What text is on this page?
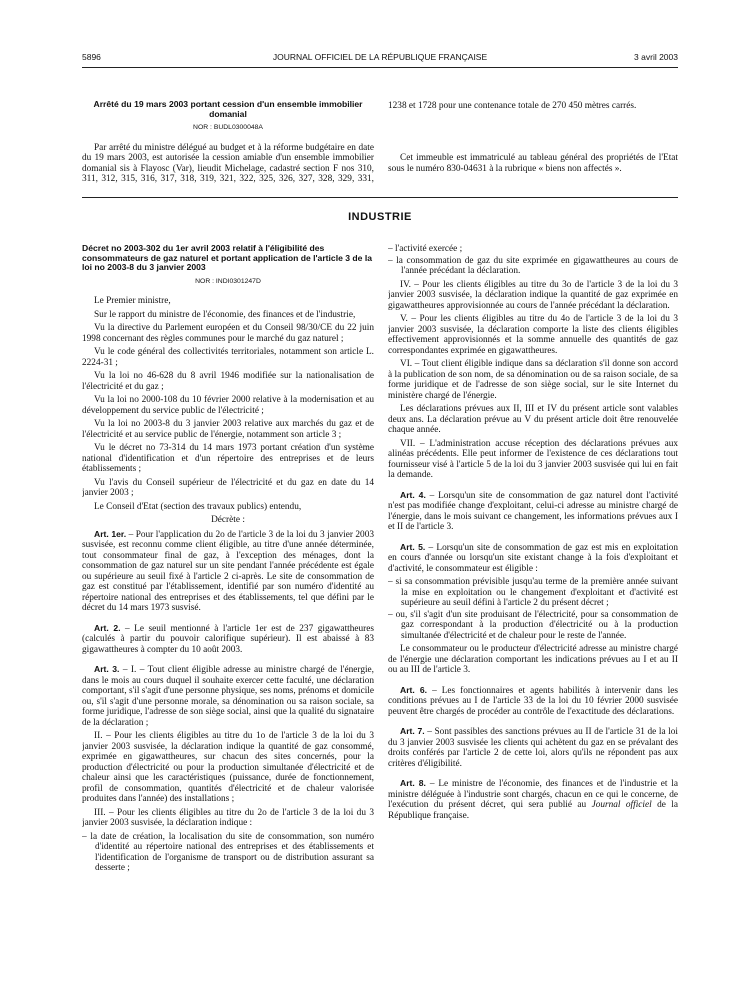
5896	JOURNAL OFFICIEL DE LA RÉPUBLIQUE FRANÇAISE	3 avril 2003
Arrêté du 19 mars 2003 portant cession d'un ensemble immobilier domanial
NOR : BUDL0300048A

Par arrêté du ministre délégué au budget et à la réforme budgétaire en date du 19 mars 2003, est autorisée la cession amiable d'un ensemble immobilier domanial sis à Flayosc (Var), lieudit Michelage, cadastré section F nos 310, 311, 312, 315, 316, 317, 318, 319, 321, 322, 325, 326, 327, 328, 329, 331,

1238 et 1728 pour une contenance totale de 270 450 mètres carrés.

Cet immeuble est immatriculé au tableau général des propriétés de l'Etat sous le numéro 830-04631 à la rubrique « biens non affectés ».

INDUSTRIE
Décret no 2003-302 du 1er avril 2003 relatif à l'éligibilité des consommateurs de gaz naturel et portant application de l'article 3 de la loi no 2003-8 du 3 janvier 2003
NOR : INDI0301247D

Le Premier ministre,

Sur le rapport du ministre de l'économie, des finances et de l'industrie,

Vu la directive du Parlement européen et du Conseil 98/30/CE du 22 juin 1998 concernant des règles communes pour le marché du gaz naturel ;

Vu le code général des collectivités territoriales, notamment son article L. 2224-31 ;

Vu la loi no 46-628 du 8 avril 1946 modifiée sur la nationalisation de l'électricité et du gaz ;

Vu la loi no 2000-108 du 10 février 2000 relative à la modernisation et au développement du service public de l'électricité ;

Vu la loi no 2003-8 du 3 janvier 2003 relative aux marchés du gaz et de l'électricité et au service public de l'énergie, notamment son article 3 ;

Vu le décret no 73-314 du 14 mars 1973 portant création d'un système national d'identification et d'un répertoire des entreprises et de leurs établissements ;

Vu l'avis du Conseil supérieur de l'électricité et du gaz en date du 14 janvier 2003 ;

Le Conseil d'Etat (section des travaux publics) entendu,

Décrète :

Art. 1er. – Pour l'application du 2o de l'article 3 de la loi du 3 janvier 2003 susvisée, est reconnu comme client éligible, au titre d'une année déterminée, tout consommateur final de gaz, à l'exception des ménages, dont la consommation de gaz naturel sur un site pendant l'année précédente est égale ou supérieure au seuil fixé à l'article 2 ci-après. Le site de consommation de gaz est constitué par l'établissement, identifié par son numéro d'identité au répertoire national des entreprises et des établissements, tel que défini par le décret du 14 mars 1973 susvisé.

Art. 2. – Le seuil mentionné à l'article 1er est de 237 gigawattheures (calculés à partir du pouvoir calorifique supérieur). Il est abaissé à 83 gigawattheures à compter du 10 août 2003.

Art. 3. – I. – Tout client éligible adresse au ministre chargé de l'énergie, dans le mois au cours duquel il souhaite exercer cette faculté, une déclaration comportant, s'il s'agit d'une personne physique, ses noms, prénoms et domicile ou, s'il s'agit d'une personne morale, sa dénomination ou sa raison sociale, sa forme juridique, l'adresse de son siège social, ainsi que la qualité du signataire de la déclaration ;

II. – Pour les clients éligibles au titre du 1o de l'article 3 de la loi du 3 janvier 2003 susvisée, la déclaration indique la quantité de gaz consommé, exprimée en gigawattheures, sur chacun des sites concernés, pour la production d'électricité ou pour la production simultanée d'électricité et de chaleur ainsi que les caractéristiques (puissance, durée de fonctionnement, profil de consommation, quantités d'électricité et de chaleur valorisée produites dans l'année) des installations ;

III. – Pour les clients éligibles au titre du 2o de l'article 3 de la loi du 3 janvier 2003 susvisée, la déclaration indique :

– la date de création, la localisation du site de consommation, son numéro d'identité au répertoire national des entreprises et des établissements et l'identification de l'organisme de transport ou de distribution assurant sa desserte ;
– l'activité exercée ;
– la consommation de gaz du site exprimée en gigawattheures au cours de l'année précédant la déclaration.

IV. – Pour les clients éligibles au titre du 3o de l'article 3 de la loi du 3 janvier 2003 susvisée, la déclaration indique la quantité de gaz exprimée en gigawattheures approvisionnée au cours de l'année précédant la déclaration.

V. – Pour les clients éligibles au titre du 4o de l'article 3 de la loi du 3 janvier 2003 susvisée, la déclaration comporte la liste des clients éligibles effectivement approvisionnés et la somme annuelle des quantités de gaz correspondantes exprimée en gigawattheures.

VI. – Tout client éligible indique dans sa déclaration s'il donne son accord à la publication de son nom, de sa dénomination ou de sa raison sociale, de sa forme juridique et de l'adresse de son siège social, sur le site Internet du ministère chargé de l'énergie.

Les déclarations prévues aux II, III et IV du présent article sont valables deux ans. La déclaration prévue au V du présent article doit être renouvelée chaque année.

VII. – L'administration accuse réception des déclarations prévues aux alinéas précédents. Elle peut informer de l'existence de ces déclarations tout fournisseur visé à l'article 5 de la loi du 3 janvier 2003 susvisée qui lui en fait la demande.

Art. 4. – Lorsqu'un site de consommation de gaz naturel dont l'activité n'est pas modifiée change d'exploitant, celui-ci adresse au ministre chargé de l'énergie, dans le mois suivant ce changement, les informations prévues aux I et II de l'article 3.

Art. 5. – Lorsqu'un site de consommation de gaz est mis en exploitation en cours d'année ou lorsqu'un site existant change à la fois d'exploitant et d'activité, le consommateur est éligible :

– si sa consommation prévisible jusqu'au terme de la première année suivant la mise en exploitation ou le changement d'exploitant et d'activité est supérieure au seuil défini à l'article 2 du présent décret ;
– ou, s'il s'agit d'un site produisant de l'électricité, pour sa consommation de gaz correspondant à la production d'électricité ou à la production simultanée d'électricité et de chaleur pour le reste de l'année.

Le consommateur ou le producteur d'électricité adresse au ministre chargé de l'énergie une déclaration comportant les indications prévues au I et au II ou au III de l'article 3.

Art. 6. – Les fonctionnaires et agents habilités à intervenir dans les conditions prévues au I de l'article 33 de la loi du 10 février 2000 susvisée peuvent être chargés de procéder au contrôle de l'exactitude des déclarations.

Art. 7. – Sont passibles des sanctions prévues au II de l'article 31 de la loi du 3 janvier 2003 susvisée les clients qui achètent du gaz en se prévalant des droits conférés par l'article 2 de cette loi, alors qu'ils ne répondent pas aux critères d'éligibilité.

Art. 8. – Le ministre de l'économie, des finances et de l'industrie et la ministre déléguée à l'industrie sont chargés, chacun en ce qui le concerne, de l'exécution du présent décret, qui sera publié au Journal officiel de la République française.
